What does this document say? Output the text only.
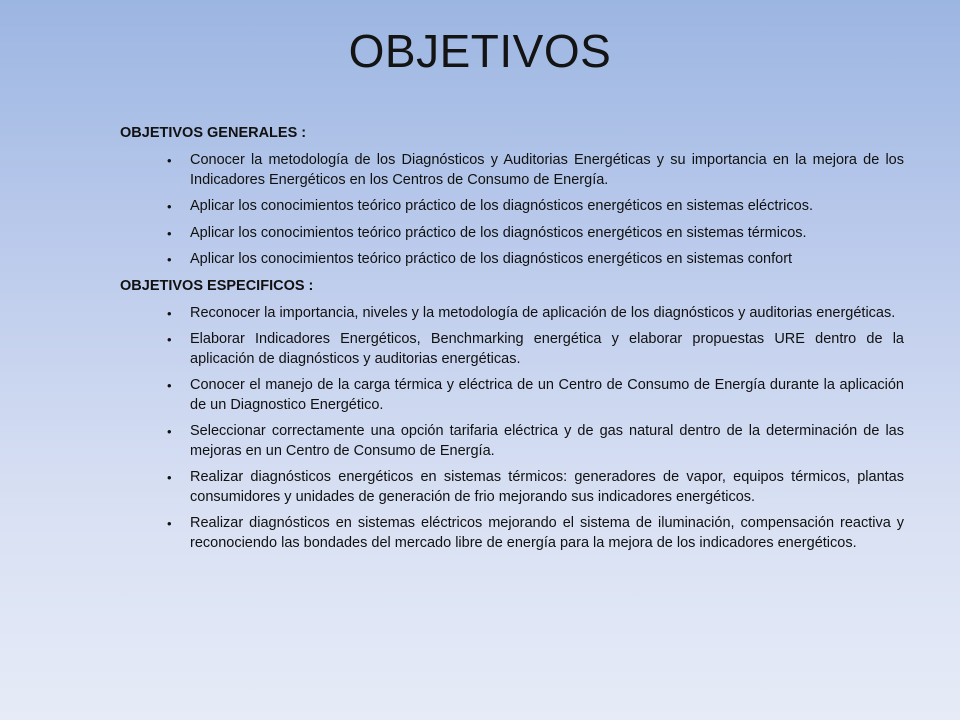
OBJETIVOS
OBJETIVOS GENERALES :
• Conocer la metodología de los Diagnósticos y Auditorias Energéticas y su importancia en la mejora de los Indicadores Energéticos en los Centros de Consumo de Energía.
• Aplicar los conocimientos teórico práctico de los diagnósticos energéticos en sistemas eléctricos.
• Aplicar los conocimientos teórico práctico de los diagnósticos energéticos en sistemas térmicos.
• Aplicar los conocimientos teórico práctico de los diagnósticos energéticos en sistemas confort
OBJETIVOS ESPECIFICOS :
• Reconocer la importancia, niveles y la metodología de aplicación de los diagnósticos y auditorias energéticas.
• Elaborar Indicadores Energéticos, Benchmarking energética y elaborar propuestas URE dentro de la aplicación de diagnósticos y auditorias energéticas.
• Conocer el manejo de la carga térmica y eléctrica de un Centro de Consumo de Energía durante la aplicación de un Diagnostico Energético.
• Seleccionar correctamente una opción tarifaria eléctrica y de gas natural dentro de la determinación de las mejoras en un Centro de Consumo de Energía.
• Realizar diagnósticos energéticos en sistemas térmicos: generadores de vapor, equipos térmicos, plantas consumidores y unidades de generación de frio mejorando sus indicadores energéticos.
• Realizar diagnósticos en sistemas eléctricos mejorando el sistema de iluminación, compensación reactiva y reconociendo las bondades del mercado libre de energía para la mejora de los indicadores energéticos.
